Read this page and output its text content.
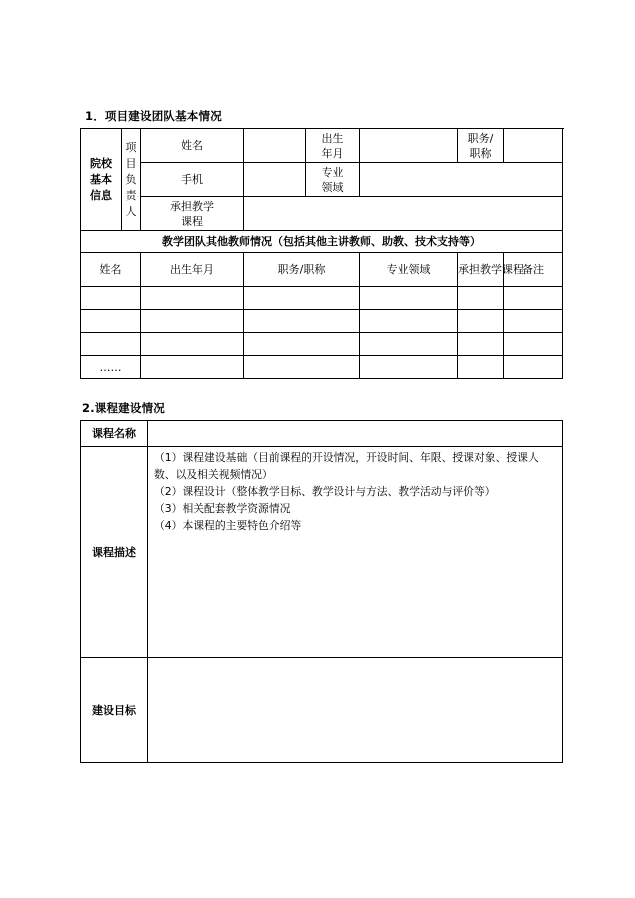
1．项目建设团队基本情况
院校基本信息	项目负责人	姓名		出生年月		职务/职称	
		手机		专业领域			
		承担教学课程					
教学团队其他教师情况（包括其他主讲教师、助教、技术支持等）							
姓名		出生年月	职务/职称		专业领域	承担教学课程	备注

……							
2.课程建设情况
课程名称	
课程描述	（1）课程建设基础（目前课程的开设情况，开设时间、年限、授课对象、授课人数、以及相关视频情况）
（2）课程设计（整体教学目标、教学设计与方法、教学活动与评价等）
（3）相关配套教学资源情况
（4）本课程的主要特色介绍等

建设目标	
